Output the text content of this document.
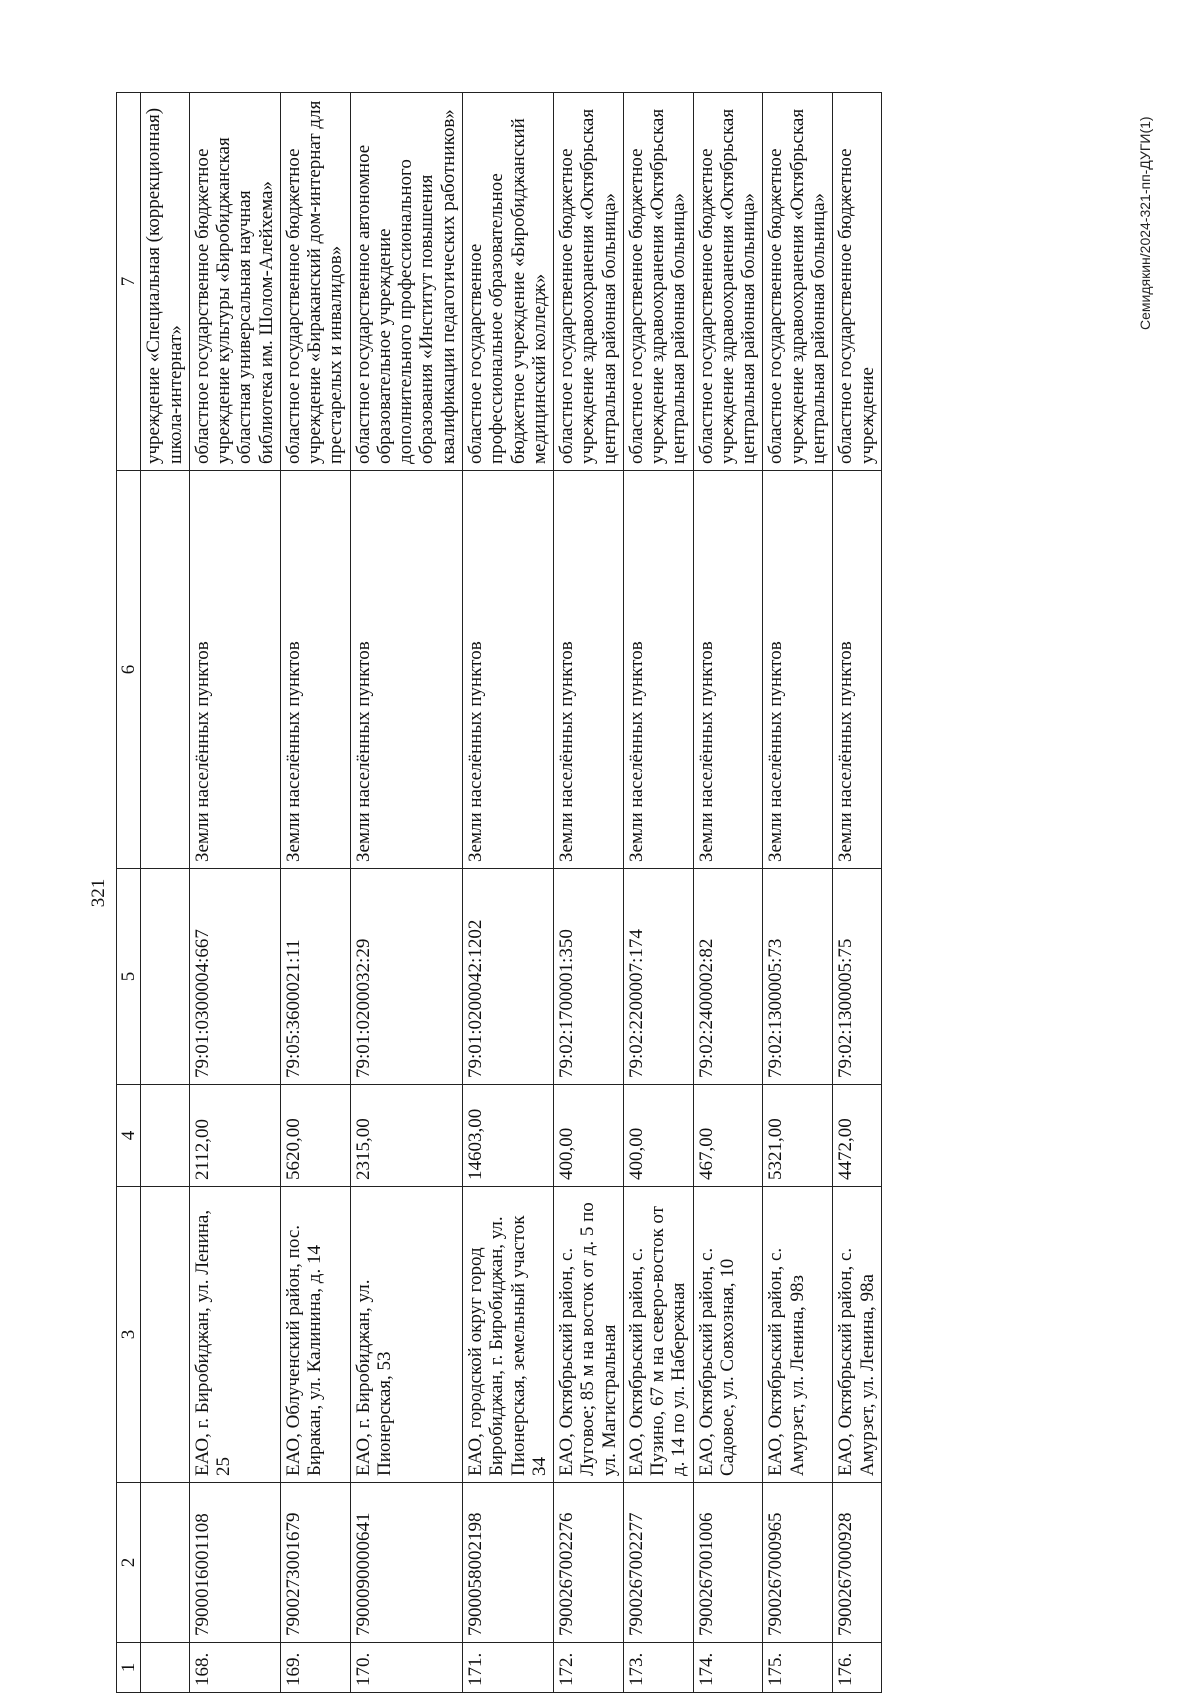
321
1	2	3	4	5	6	7
						учреждение «Специальная (коррекционная) школа-интернат»
168.	7900016001108	ЕАО, г. Биробиджан, ул. Ленина, 25	2112,00	79:01:0300004:667	Земли населённых пунктов	областное государственное бюджетное учреждение культуры «Биробиджанская областная универсальная научная библиотека им. Шолом-Алейхема»
169.	7900273001679	ЕАО, Облученский район, пос. Биракан, ул. Калинина, д. 14	5620,00	79:05:3600021:11	Земли населённых пунктов	областное государственное бюджетное учреждение «Бираканский дом-интернат для престарелых и инвалидов»
170.	7900090000641	ЕАО, г. Биробиджан, ул. Пионерская, 53	2315,00	79:01:0200032:29	Земли населённых пунктов	областное государственное автономное образовательное учреждение дополнительного профессионального образования «Институт повышения квалификации педагогических работников»
171.	7900058002198	ЕАО, городской округ город Биробиджан, г. Биробиджан, ул. Пионерская, земельный участок 34	14603,00	79:01:0200042:1202	Земли населённых пунктов	областное государственное профессиональное образовательное бюджетное учреждение «Биробиджанский медицинский колледж»
172.	7900267002276	ЕАО, Октябрьский район, с. Луговое; 85 м на восток от д. 5 по ул. Магистральная	400,00	79:02:1700001:350	Земли населённых пунктов	областное государственное бюджетное учреждение здравоохранения «Октябрьская центральная районная больница»
173.	7900267002277	ЕАО, Октябрьский район, с. Пузино, 67 м на северо-восток от д. 14 по ул. Набережная	400,00	79:02:2200007:174	Земли населённых пунктов	областное государственное бюджетное учреждение здравоохранения «Октябрьская центральная районная больница»
174.	7900267001006	ЕАО, Октябрьский район, с. Садовое, ул. Совхозная, 10	467,00	79:02:2400002:82	Земли населённых пунктов	областное государственное бюджетное учреждение здравоохранения «Октябрьская центральная районная больница»
175.	7900267000965	ЕАО, Октябрьский район, с. Амурзет, ул. Ленина, 98з	5321,00	79:02:1300005:73	Земли населённых пунктов	областное государственное бюджетное учреждение здравоохранения «Октябрьская центральная районная больница»
176.	7900267000928	ЕАО, Октябрьский район, с. Амурзет, ул. Ленина, 98а	4472,00	79:02:1300005:75	Земли населённых пунктов	областное государственное бюджетное учреждение
Семидякин/2024-321-пп-ДУГИ(1)
